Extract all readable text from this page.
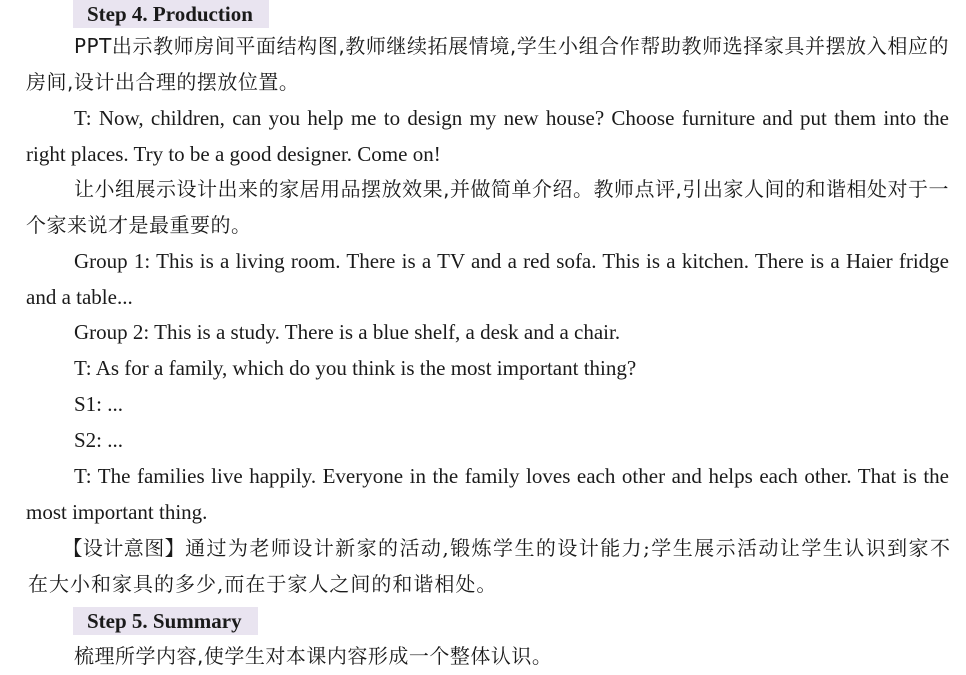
Step 4. Production
PPT出示教师房间平面结构图,教师继续拓展情境,学生小组合作帮助教师选择家具并摆放入相应的房间,设计出合理的摆放位置。
T: Now, children, can you help me to design my new house? Choose furniture and put them into the right places. Try to be a good designer. Come on!
让小组展示设计出来的家居用品摆放效果,并做简单介绍。教师点评,引出家人间的和谐相处对于一个家来说才是最重要的。
Group 1: This is a living room. There is a TV and a red sofa. This is a kitchen. There is a Haier fridge and a table...
Group 2: This is a study. There is a blue shelf, a desk and a chair.
T: As for a family, which do you think is the most important thing?
S1: ...
S2: ...
T: The families live happily. Everyone in the family loves each other and helps each other. That is the most important thing.
【设计意图】通过为老师设计新家的活动,锻炼学生的设计能力;学生展示活动让学生认识到家不在大小和家具的多少,而在于家人之间的和谐相处。
Step 5. Summary
梳理所学内容,使学生对本课内容形成一个整体认识。
